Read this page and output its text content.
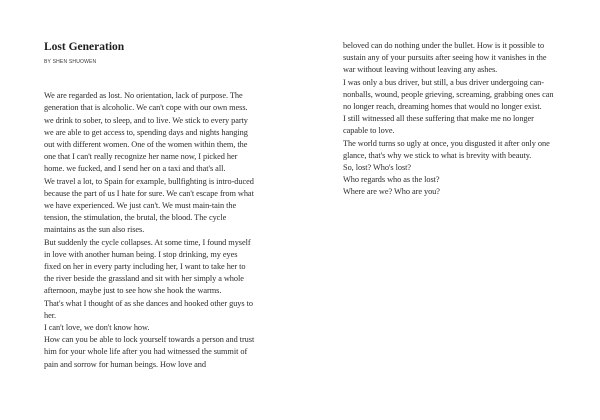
Lost Generation
BY SHEN SHUOWEN

We are regarded as lost. No orientation, lack of purpose. The generation that is alcoholic. We can't cope with our own mess. we drink to sober, to sleep, and to live. We stick to every party we are able to get access to, spending days and nights hanging out with different women. One of the women within them, the one that I can't really recognize her name now, I picked her home. we fucked, and I send her on a taxi and that's all.

We travel a lot, to Spain for example, bullfighting is intro-duced because the part of us I hate for sure. We can't escape from what we have experienced. We just can't. We must main-tain the tension, the stimulation, the brutal, the blood. The cycle maintains as the sun also rises.

But suddenly the cycle collapses. At some time, I found myself in love with another human being. I stop drinking, my eyes fixed on her in every party including her, I want to take her to the river beside the grassland and sit with her simply a whole afternoon, maybe just to see how she hook the warms.

That's what I thought of as she dances and hooked other guys to her.

I can't love, we don't know how.

How can you be able to lock yourself towards a person and trust him for your whole life after you had witnessed the summit of pain and sorrow for human beings. How love and

beloved can do nothing under the bullet. How is it possible to sustain any of your pursuits after seeing how it vanishes in the war without leaving without leaving any ashes.

I was only a bus driver, but still, a bus driver undergoing can-nonballs, wound, people grieving, screaming, grabbing ones can no longer reach, dreaming homes that would no longer exist.

I still witnessed all these suffering that make me no longer capable to love.

The world turns so ugly at once, you disgusted it after only one glance, that's why we stick to what is brevity with beauty.

So, lost? Who's lost?

Who regards who as the lost?

Where are we? Who are you?
